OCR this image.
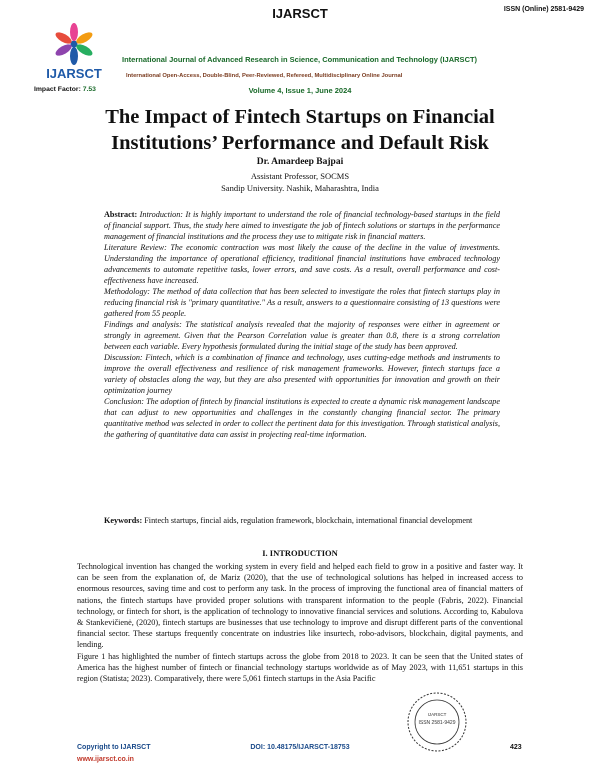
IJARSCT	ISSN (Online) 2581-9429
IJARSCT
International Journal of Advanced Research in Science, Communication and Technology (IJARSCT)
International Open-Access, Double-Blind, Peer-Reviewed, Refereed, Multidisciplinary Online Journal
Impact Factor: 7.53	Volume 4, Issue 1, June 2024
The Impact of Fintech Startups on Financial Institutions’ Performance and Default Risk
Dr. Amardeep Bajpai
Assistant Professor, SOCMS
Sandip University. Nashik, Maharashtra, India

Abstract: Introduction: It is highly important to understand the role of financial technology-based startups in the field of financial support. Thus, the study here aimed to investigate the job of fintech solutions or startups in the performance management of financial institutions and the process they use to mitigate risk in financial matters.

Literature Review: The economic contraction was most likely the cause of the decline in the value of investments. Understanding the importance of operational efficiency, traditional financial institutions have embraced technology advancements to automate repetitive tasks, lower errors, and save costs. As a result, overall performance and cost-effectiveness have increased.

Methodology: The method of data collection that has been selected to investigate the roles that fintech startups play in reducing financial risk is "primary quantitative." As a result, answers to a questionnaire consisting of 13 questions were gathered from 55 people.

Findings and analysis: The statistical analysis revealed that the majority of responses were either in agreement or strongly in agreement. Given that the Pearson Correlation value is greater than 0.8, there is a strong correlation between each variable. Every hypothesis formulated during the initial stage of the study has been approved.

Discussion: Fintech, which is a combination of finance and technology, uses cutting-edge methods and instruments to improve the overall effectiveness and resilience of risk management frameworks. However, fintech startups face a variety of obstacles along the way, but they are also presented with opportunities for innovation and growth on their optimization journey

Conclusion: The adoption of fintech by financial institutions is expected to create a dynamic risk management landscape that can adjust to new opportunities and challenges in the constantly changing financial sector. The primary quantitative method was selected in order to collect the pertinent data for this investigation. Through statistical analysis, the gathering of quantitative data can assist in projecting real-time information.

Keywords: Fintech startups, fincial aids, regulation framework, blockchain, international financial development
I. INTRODUCTION

Technological invention has changed the working system in every field and helped each field to grow in a positive and faster way. It can be seen from the explanation of, de Mariz (2020), that the use of technological solutions has helped in increased access to enormous resources, saving time and cost to perform any task. In the process of improving the functional area of financial matters of nations, the fintech startups have provided proper solutions with transparent information to the people (Fabris, 2022). Financial technology, or fintech for short, is the application of technology to innovative financial services and solutions. According to, Kabulova & Stankevičienė, (2020), fintech startups are businesses that use technology to improve and disrupt different parts of the conventional financial sector. These startups frequently concentrate on industries like insurtech, robo-advisors, blockchain, digital payments, and lending.

Figure 1 has highlighted the number of fintech startups across the globe from 2018 to 2023. It can be seen that the United states of America has the highest number of fintech or financial technology startups worldwide as of May 2023, with 11,651 startups in this region (Statista; 2023). Comparatively, there were 5,061 fintech startups in the Asia Pacific

ISSN 2581-9429
IJARSCT
Copyright to IJARSCT
www.ijarsct.co.in
DOI: 10.48175/IJARSCT-18753	423
